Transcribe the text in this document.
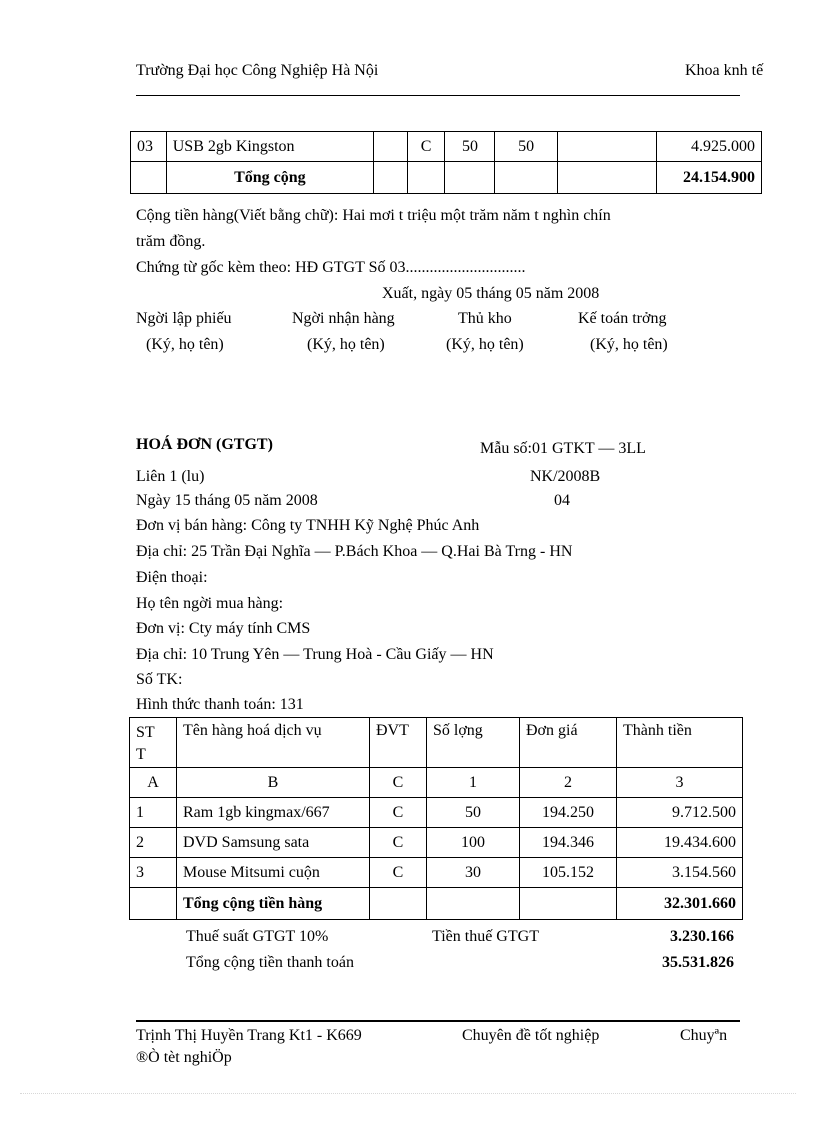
Trường Đại học Công Nghiệp Hà Nội	Khoa knh tế
03	USB 2gb Kingston		C	50	50		4.925.000
	Tổng cộng						24.154.900
Cộng tiền hàng(Viết bằng chữ): Hai mơi t triệu một trăm năm t nghìn chín
trăm đồng.
Chứng từ gốc kèm theo: HĐ GTGT Số 03..............................
Xuất, ngày 05 tháng 05 năm 2008
Ngời lập phiếu	Ngời nhận hàng	Thủ kho	Kế toán trởng
(Ký, họ tên)	(Ký, họ tên)	(Ký, họ tên)	(Ký, họ tên)
HOÁ ĐƠN (GTGT)	Mẫu số:01 GTKT — 3LL
Liên 1 (lu)	NK/2008B
Ngày 15 tháng 05 năm 2008	04
Đơn vị bán hàng: Công ty TNHH Kỹ Nghệ Phúc Anh
Địa chỉ: 25 Trần Đại Nghĩa — P.Bách Khoa — Q.Hai Bà Trng - HN
Điện thoại:
Họ tên ngời mua hàng:
Đơn vị: Cty máy tính CMS
Địa chỉ: 10 Trung Yên — Trung Hoà - Cầu Giấy — HN
Số TK:
Hình thức thanh toán: 131
ST
T	Tên hàng hoá dịch vụ	ĐVT	Số lợng	Đơn giá	Thành tiền
A	B	C	1	2	3
1	Ram 1gb kingmax/667	C	50	194.250	9.712.500
2	DVD Samsung sata	C	100	194.346	19.434.600
3	Mouse Mitsumi cuộn	C	30	105.152	3.154.560
	Tổng cộng tiền hàng				32.301.660
Thuế suất GTGT 10%	Tiền thuế GTGT	3.230.166
Tổng cộng tiền thanh toán	35.531.826
Trịnh Thị Huyền Trang Kt1 - K669	Chuyên đề tốt nghiệp	Chuyªn
®Ò tèt nghiÖp
